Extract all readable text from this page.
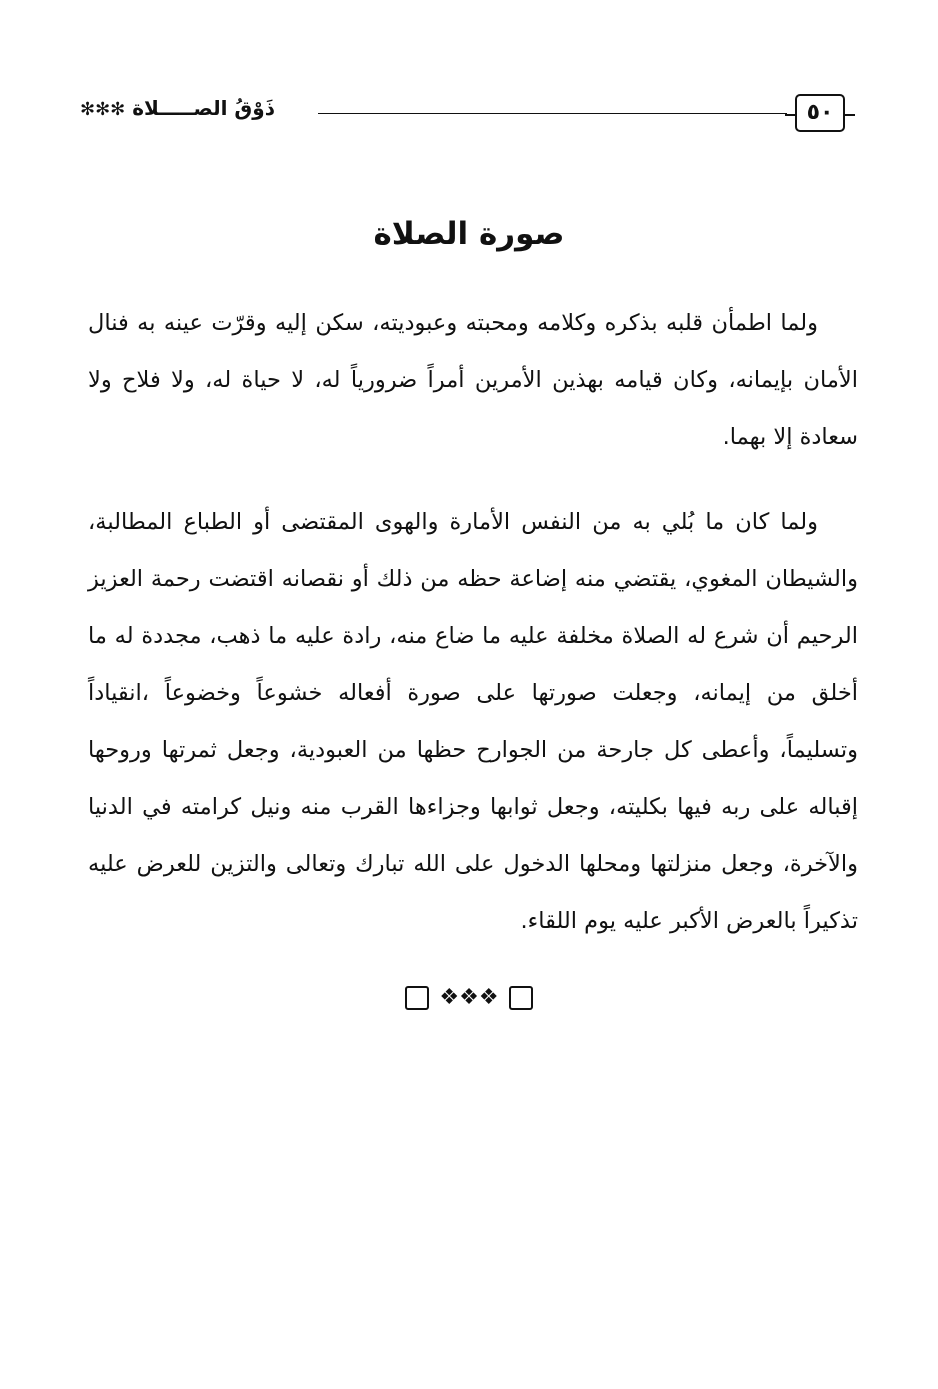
ذَوْقُ الصـــــلاة ✻✻✻	٥٠
صورة الصلاة

ولما اطمأن قلبه بذكره وكلامه ومحبته وعبوديته، سكن إليه وقرّت عينه به فنال الأمان بإيمانه، وكان قيامه بهذين الأمرين أمراً ضرورياً له، لا حياة له، ولا فلاح ولا سعادة إلا بهما.

ولما كان ما بُلي به من النفس الأمارة والهوى المقتضى أو الطباع المطالبة، والشيطان المغوي، يقتضي منه إضاعة حظه من ذلك أو نقصانه اقتضت رحمة العزيز الرحيم أن شرع له الصلاة مخلفة عليه ما ضاع منه، رادة عليه ما ذهب، مجددة له ما أخلق من إيمانه، وجعلت صورتها على صورة أفعاله خشوعاً وخضوعاً ،انقياداً وتسليماً، وأعطى كل جارحة من الجوارح حظها من العبودية، وجعل ثمرتها وروحها إقباله على ربه فيها بكليته، وجعل ثوابها وجزاءها القرب منه ونيل كرامته في الدنيا والآخرة، وجعل منزلتها ومحلها الدخول على الله تبارك وتعالى والتزين للعرض عليه تذكيراً بالعرض الأكبر عليه يوم اللقاء.

❖❖❖
